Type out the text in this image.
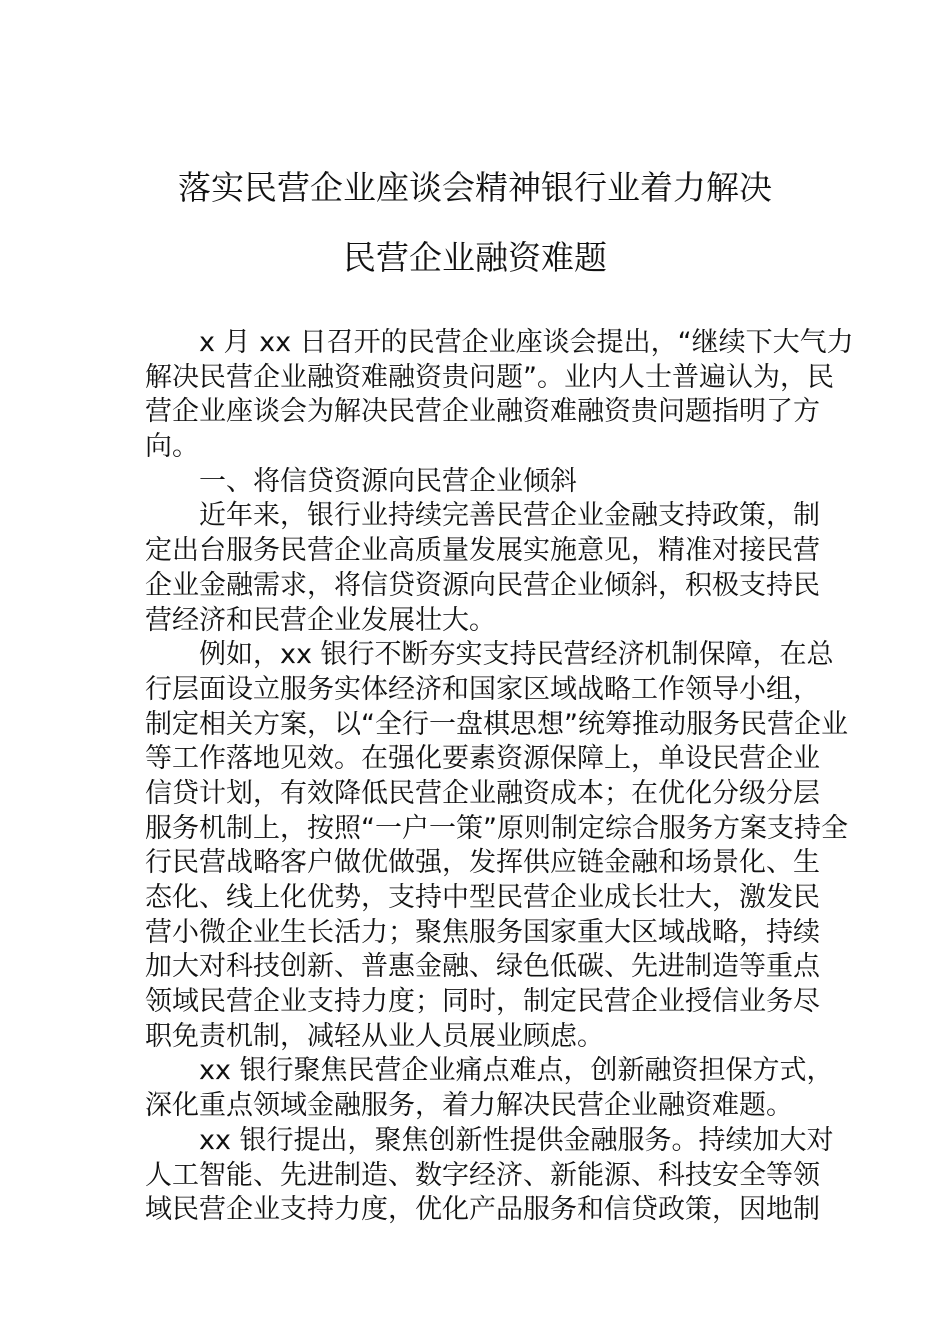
落实民营企业座谈会精神银行业着力解决
民营企业融资难题
x 月 xx 日召开的民营企业座谈会提出，“继续下大气力
解决民营企业融资难融资贵问题”。业内人士普遍认为，民
营企业座谈会为解决民营企业融资难融资贵问题指明了方
向。
一、将信贷资源向民营企业倾斜
近年来，银行业持续完善民营企业金融支持政策，制
定出台服务民营企业高质量发展实施意见，精准对接民营
企业金融需求，将信贷资源向民营企业倾斜，积极支持民
营经济和民营企业发展壮大。
例如，xx 银行不断夯实支持民营经济机制保障，在总
行层面设立服务实体经济和国家区域战略工作领导小组，
制定相关方案，以“全行一盘棋思想”统筹推动服务民营企业
等工作落地见效。在强化要素资源保障上，单设民营企业
信贷计划，有效降低民营企业融资成本；在优化分级分层
服务机制上，按照“一户一策”原则制定综合服务方案支持全
行民营战略客户做优做强，发挥供应链金融和场景化、生
态化、线上化优势，支持中型民营企业成长壮大，激发民
营小微企业生长活力；聚焦服务国家重大区域战略，持续
加大对科技创新、普惠金融、绿色低碳、先进制造等重点
领域民营企业支持力度；同时，制定民营企业授信业务尽
职免责机制，减轻从业人员展业顾虑。
xx 银行聚焦民营企业痛点难点，创新融资担保方式，
深化重点领域金融服务，着力解决民营企业融资难题。
xx 银行提出，聚焦创新性提供金融服务。持续加大对
人工智能、先进制造、数字经济、新能源、科技安全等领
域民营企业支持力度，优化产品服务和信贷政策，因地制
